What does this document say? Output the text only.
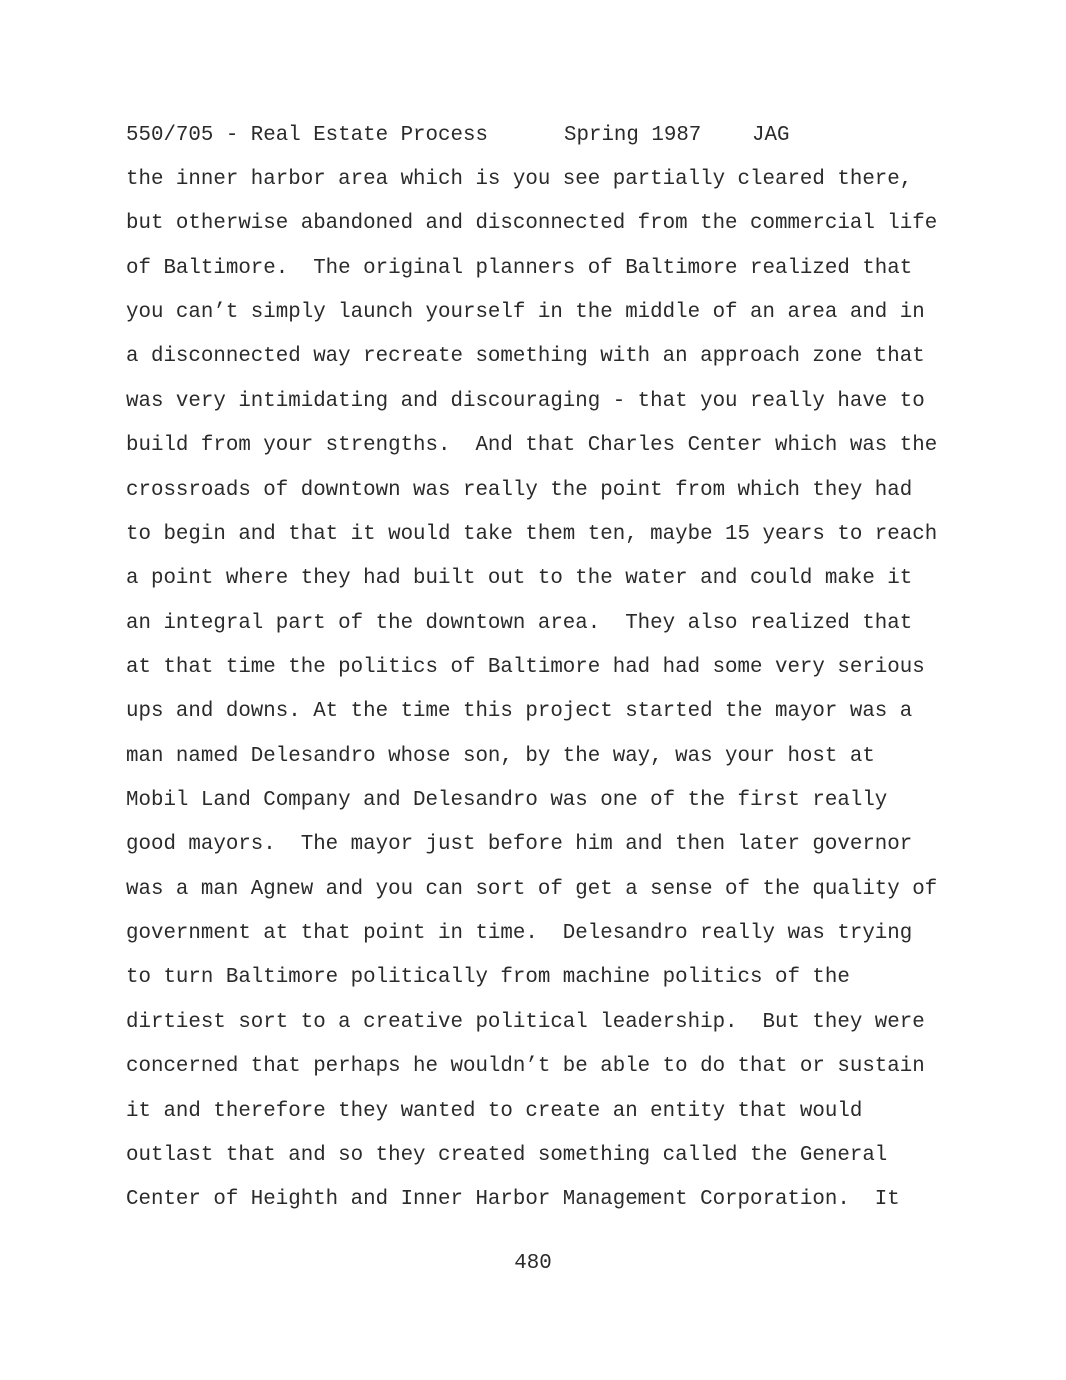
550/705 - Real Estate Process	Spring 1987 JAG
the inner harbor area which is you see partially cleared there,
but otherwise abandoned and disconnected from the commercial life
of Baltimore.  The original planners of Baltimore realized that
you can’t simply launch yourself in the middle of an area and in
a disconnected way recreate something with an approach zone that
was very intimidating and discouraging - that you really have to
build from your strengths.  And that Charles Center which was the
crossroads of downtown was really the point from which they had
to begin and that it would take them ten, maybe 15 years to reach
a point where they had built out to the water and could make it
an integral part of the downtown area.  They also realized that
at that time the politics of Baltimore had had some very serious
ups and downs. At the time this project started the mayor was a
man named Delesandro whose son, by the way, was your host at
Mobil Land Company and Delesandro was one of the first really
good mayors.  The mayor just before him and then later governor
was a man Agnew and you can sort of get a sense of the quality of
government at that point in time.  Delesandro really was trying
to turn Baltimore politically from machine politics of the
dirtiest sort to a creative political leadership.  But they were
concerned that perhaps he wouldn’t be able to do that or sustain
it and therefore they wanted to create an entity that would
outlast that and so they created something called the General
Center of Heighth and Inner Harbor Management Corporation.  It
480
